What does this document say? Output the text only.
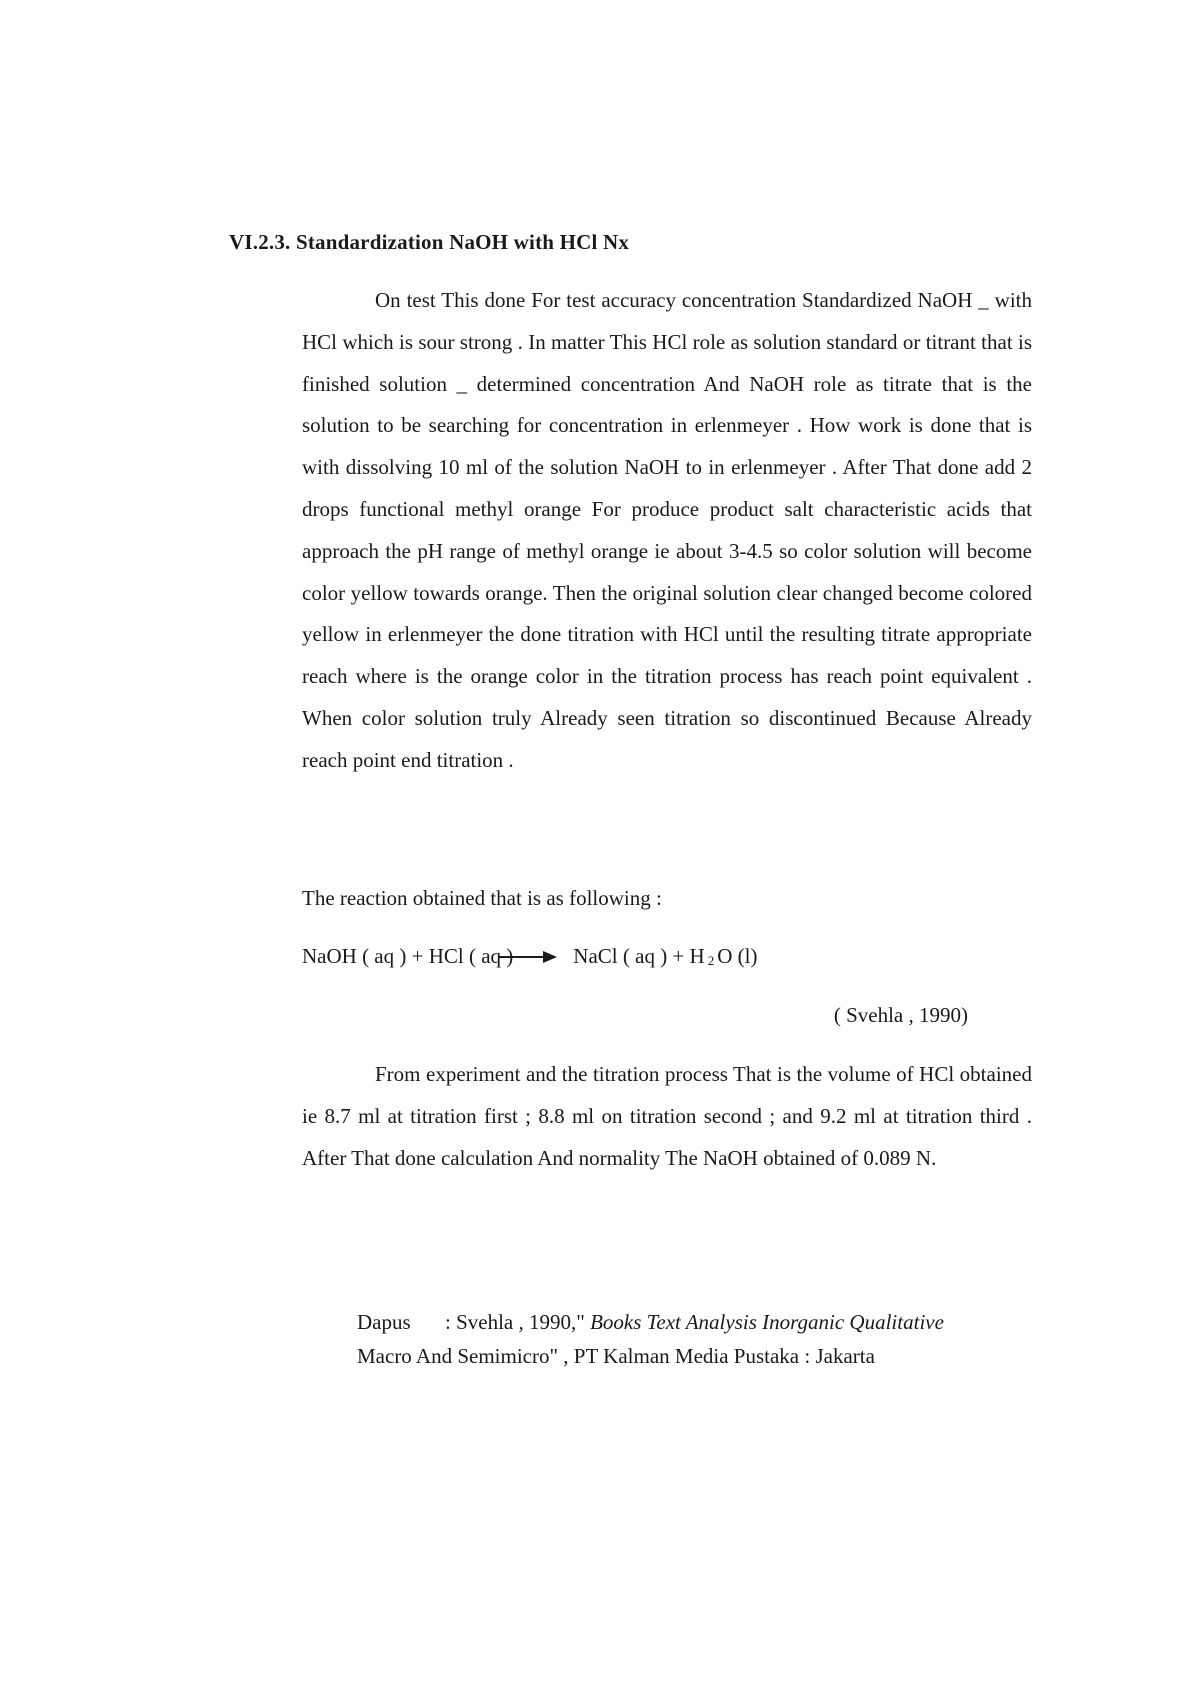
VI.2.3. Standardization NaOH with HCl Nx
On test This done For test accuracy concentration Standardized NaOH _ with HCl which is sour strong . In matter This HCl role as solution standard or titrant that is finished solution _ determined concentration And NaOH role as titrate that is the solution to be searching for concentration in erlenmeyer . How work is done that is with dissolving 10 ml of the solution NaOH to in erlenmeyer . After That done add 2 drops functional methyl orange For produce product salt characteristic acids that approach the pH range of methyl orange ie about 3-4.5 so color solution will become color yellow towards orange. Then the original solution clear changed become colored yellow in erlenmeyer the done titration with HCl until the resulting titrate appropriate reach where is the orange color in the titration process has reach point equivalent . When color solution truly Already seen titration so discontinued Because Already reach point end titration .
The reaction obtained that is as following :
NaOH ( aq ) + HCl ( aq ) → NaCl ( aq ) + H 2 O (l)
( Svehla , 1990)
From experiment and the titration process That is the volume of HCl obtained ie 8.7 ml at titration first ; 8.8 ml on titration second ; and 9.2 ml at titration third . After That done calculation And normality The NaOH obtained of 0.089 N.
Dapus : Svehla , 1990," Books Text Analysis Inorganic Qualitative
Macro And Semimicro" , PT Kalman Media Pustaka : Jakarta
